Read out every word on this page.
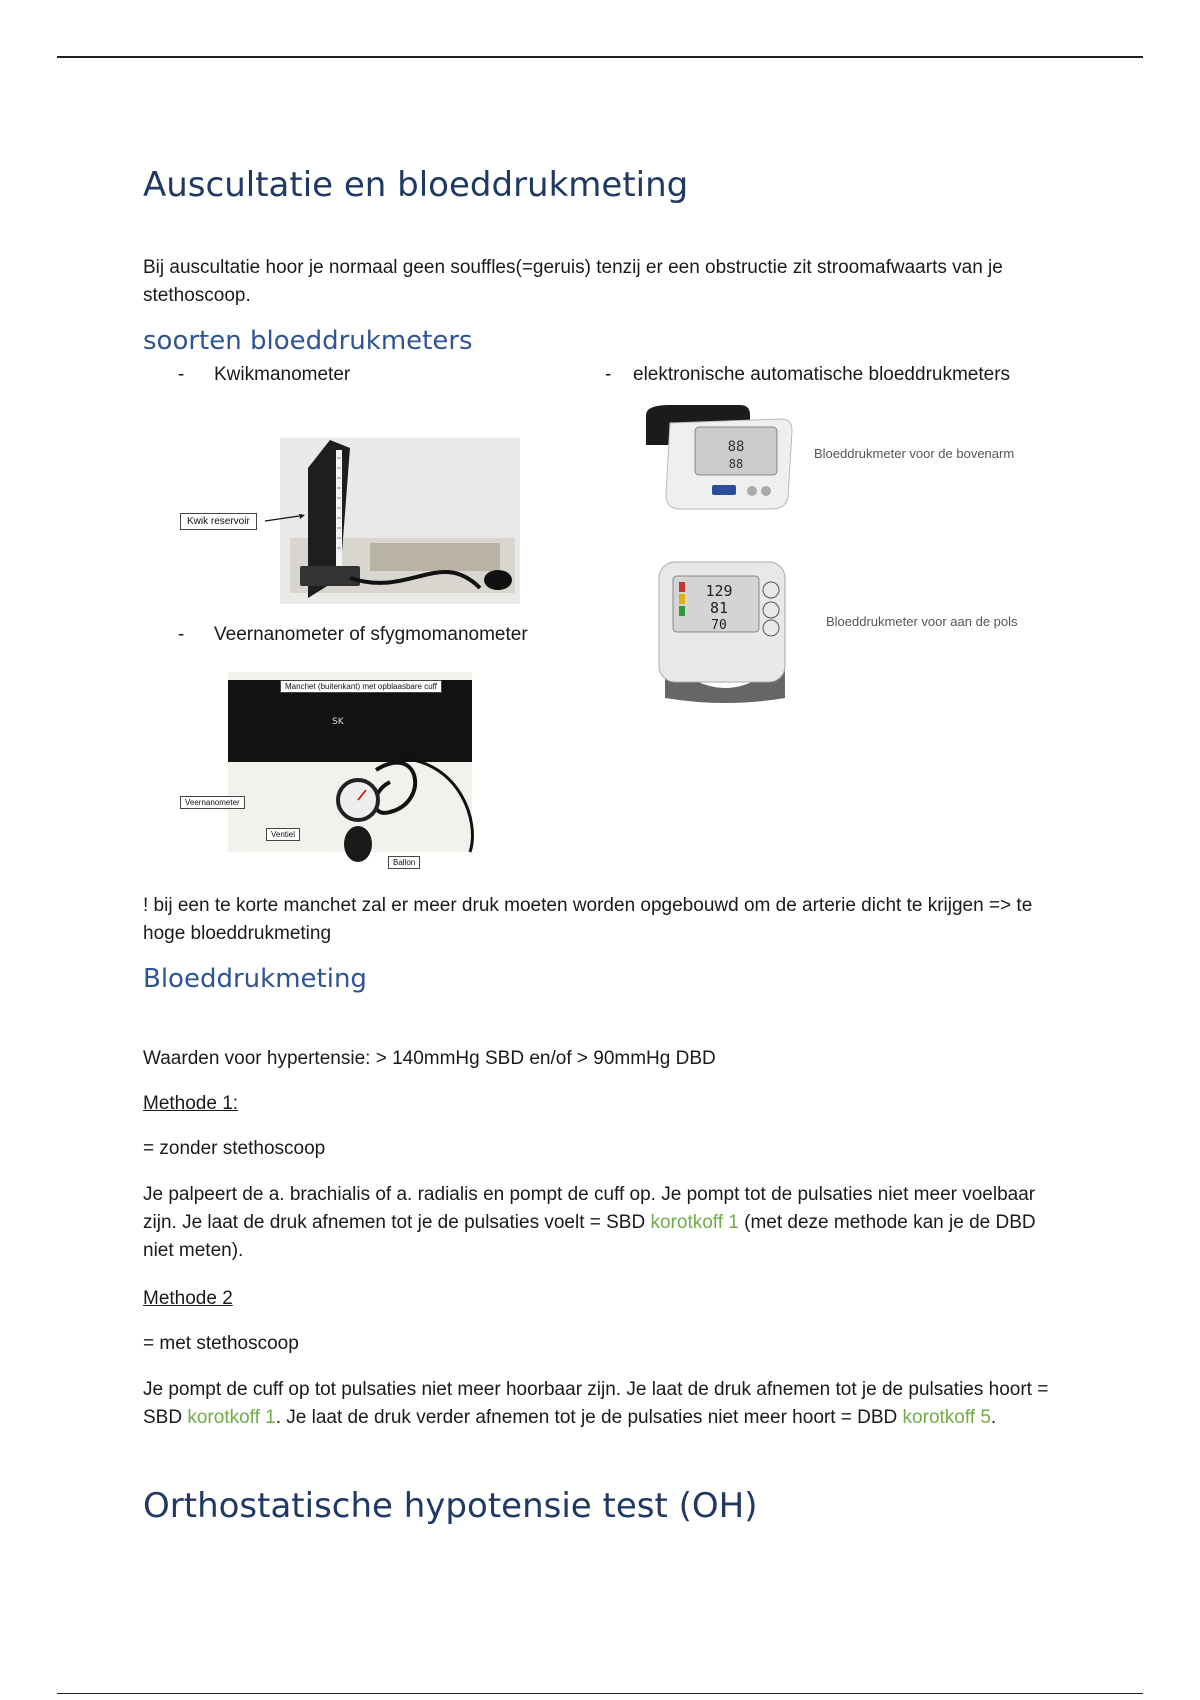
Auscultatie en bloeddrukmeting

Bij auscultatie hoor je normaal geen souffles(=geruis) tenzij er een obstructie zit stroomafwaarts van je stethoscoop.

soorten bloeddrukmeters
- Kwikmanometer	- elektronische automatische bloeddrukmeters
- Veernanometer of sfygmomanometer
Kwik reservoir
88
88
Bloeddrukmeter voor de bovenarm
129
81
70	Bloeddrukmeter voor aan de pols
SK
Manchet (buitenkant) met opblaasbare cuff
Veernanometer
Ventiel
Ballon

! bij een te korte manchet zal er meer druk moeten worden opgebouwd om de arterie dicht te krijgen => te hoge bloeddrukmeting

Bloeddrukmeting

Waarden voor hypertensie: > 140mmHg SBD en/of > 90mmHg DBD

Methode 1:

= zonder stethoscoop

Je palpeert de a. brachialis of a. radialis en pompt de cuff op. Je pompt tot de pulsaties niet meer voelbaar zijn. Je laat de druk afnemen tot je de pulsaties voelt = SBD korotkoff 1 (met deze methode kan je de DBD niet meten).

Methode 2

= met stethoscoop

Je pompt de cuff op tot pulsaties niet meer hoorbaar zijn. Je laat de druk afnemen tot je de pulsaties hoort = SBD korotkoff 1. Je laat de druk verder afnemen tot je de pulsaties niet meer hoort = DBD korotkoff 5.

Orthostatische hypotensie test (OH)
